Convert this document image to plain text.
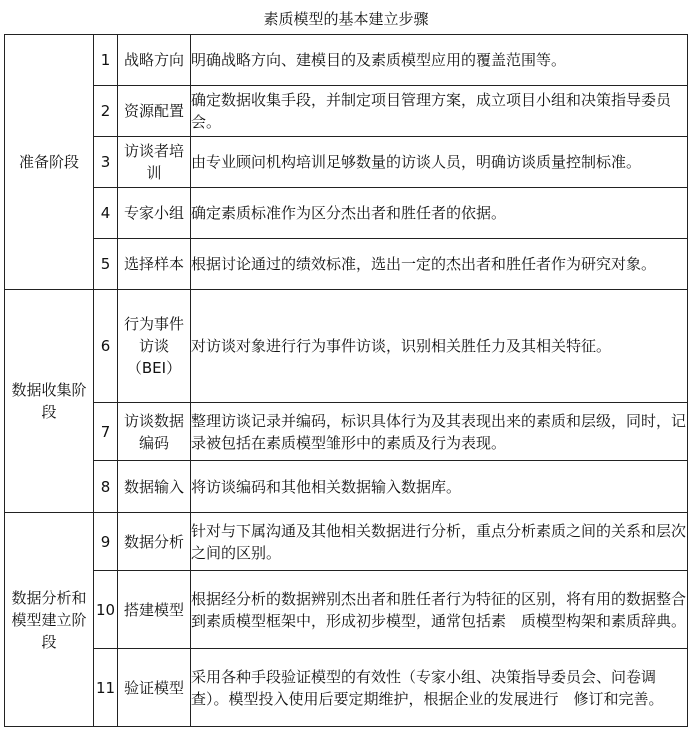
素质模型的基本建立步骤
准备阶段	1	战略方向	明确战略方向、建模目的及素质模型应用的覆盖范围等。
	2	资源配置	确定数据收集手段，并制定项目管理方案，成立项目小组和决策指导委员会。
	3	访谈者培训	由专业顾问机构培训足够数量的访谈人员，明确访谈质量控制标准。
	4	专家小组	确定素质标准作为区分杰出者和胜任者的依据。
	5	选择样本	根据讨论通过的绩效标准，选出一定的杰出者和胜任者作为研究对象。
数据收集阶段	6	行为事件访谈（BEI）	对访谈对象进行行为事件访谈，识别相关胜任力及其相关特征。
	7	访谈数据编码	整理访谈记录并编码，标识具体行为及其表现出来的素质和层级，同时，记录被包括在素质模型雏形中的素质及行为表现。
	8	数据输入	将访谈编码和其他相关数据输入数据库。
数据分析和模型建立阶段	9	数据分析	针对与下属沟通及其他相关数据进行分析，重点分析素质之间的关系和层次之间的区别。
	10	搭建模型	根据经分析的数据辨别杰出者和胜任者行为特征的区别，将有用的数据整合到素质模型框架中，形成初步模型，通常包括素　质模型构架和素质辞典。
	11	验证模型	采用各种手段验证模型的有效性（专家小组、决策指导委员会、问卷调查）。模型投入使用后要定期维护，根据企业的发展进行　修订和完善。
